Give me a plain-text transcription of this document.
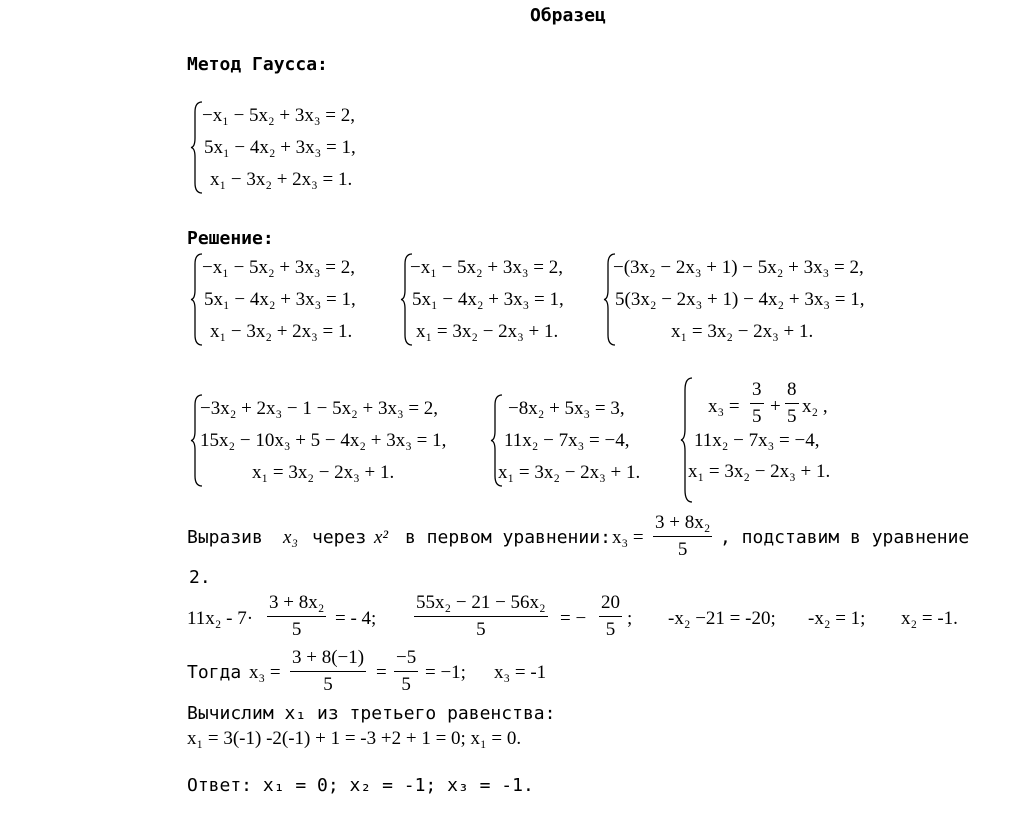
Образец
Метод Гаусса:
−x₁ − 5x₂ + 3x₃ = 2,
5x₁ − 4x₂ + 3x₃ = 1,
x₁ − 3x₂ + 2x₃ = 1.
Решение:
−x₁ − 5x₂ + 3x₃ = 2,
5x₁ − 4x₂ + 3x₃ = 1,
x₁ − 3x₂ + 2x₃ = 1.
−x₁ − 5x₂ + 3x₃ = 2,
5x₁ − 4x₂ + 3x₃ = 1,
x₁ = 3x₂ − 2x₃ + 1.
−(3x₂ − 2x₃ + 1) − 5x₂ + 3x₃ = 2,
5(3x₂ − 2x₃ + 1) − 4x₂ + 3x₃ = 1,
x₁ = 3x₂ − 2x₃ + 1.
−3x₂ + 2x₃ − 1 − 5x₂ + 3x₃ = 2,
15x₂ − 10x₃ + 5 − 4x₂ + 3x₃ = 1,
x₁ = 3x₂ − 2x₃ + 1.
−8x₂ + 5x₃ = 3,
11x₂ − 7x₃ = −4,
x₁ = 3x₂ − 2x₃ + 1.
$x_3 = \frac{3}{5} + \frac{8}{5} x_2$ ,
11x₂ − 7x₃ = −4,
x₁ = 3x₂ − 2x₃ + 1.
Выразив x₃ через x² в первом уравнении: $x_3 = \frac{\text{3 + 8x₂}}{5}$ , подставим в уравнение
2.
$11x_2 - 7\cdot \frac{\text{3 + 8x₂}}{5}$ = - 4; $\frac{\text{55x₂ − 21 − 56x₂}}{5}$ = − $\frac{20}{5}$ ; -x₂ −21 = -20; -x₂ = 1; x₂ = -1.
Тогда $x_3 = \frac{3 + 8(-1)}{5} = \frac{-5}{5} = -1$; x₃ = -1
Вычислим x₁ из третьего равенства:
x₁ = 3(-1) -2(-1) + 1 = -3 +2 + 1 = 0; x₁ = 0.
Ответ: x₁ = 0; x₂ = -1; x₃ = -1.
